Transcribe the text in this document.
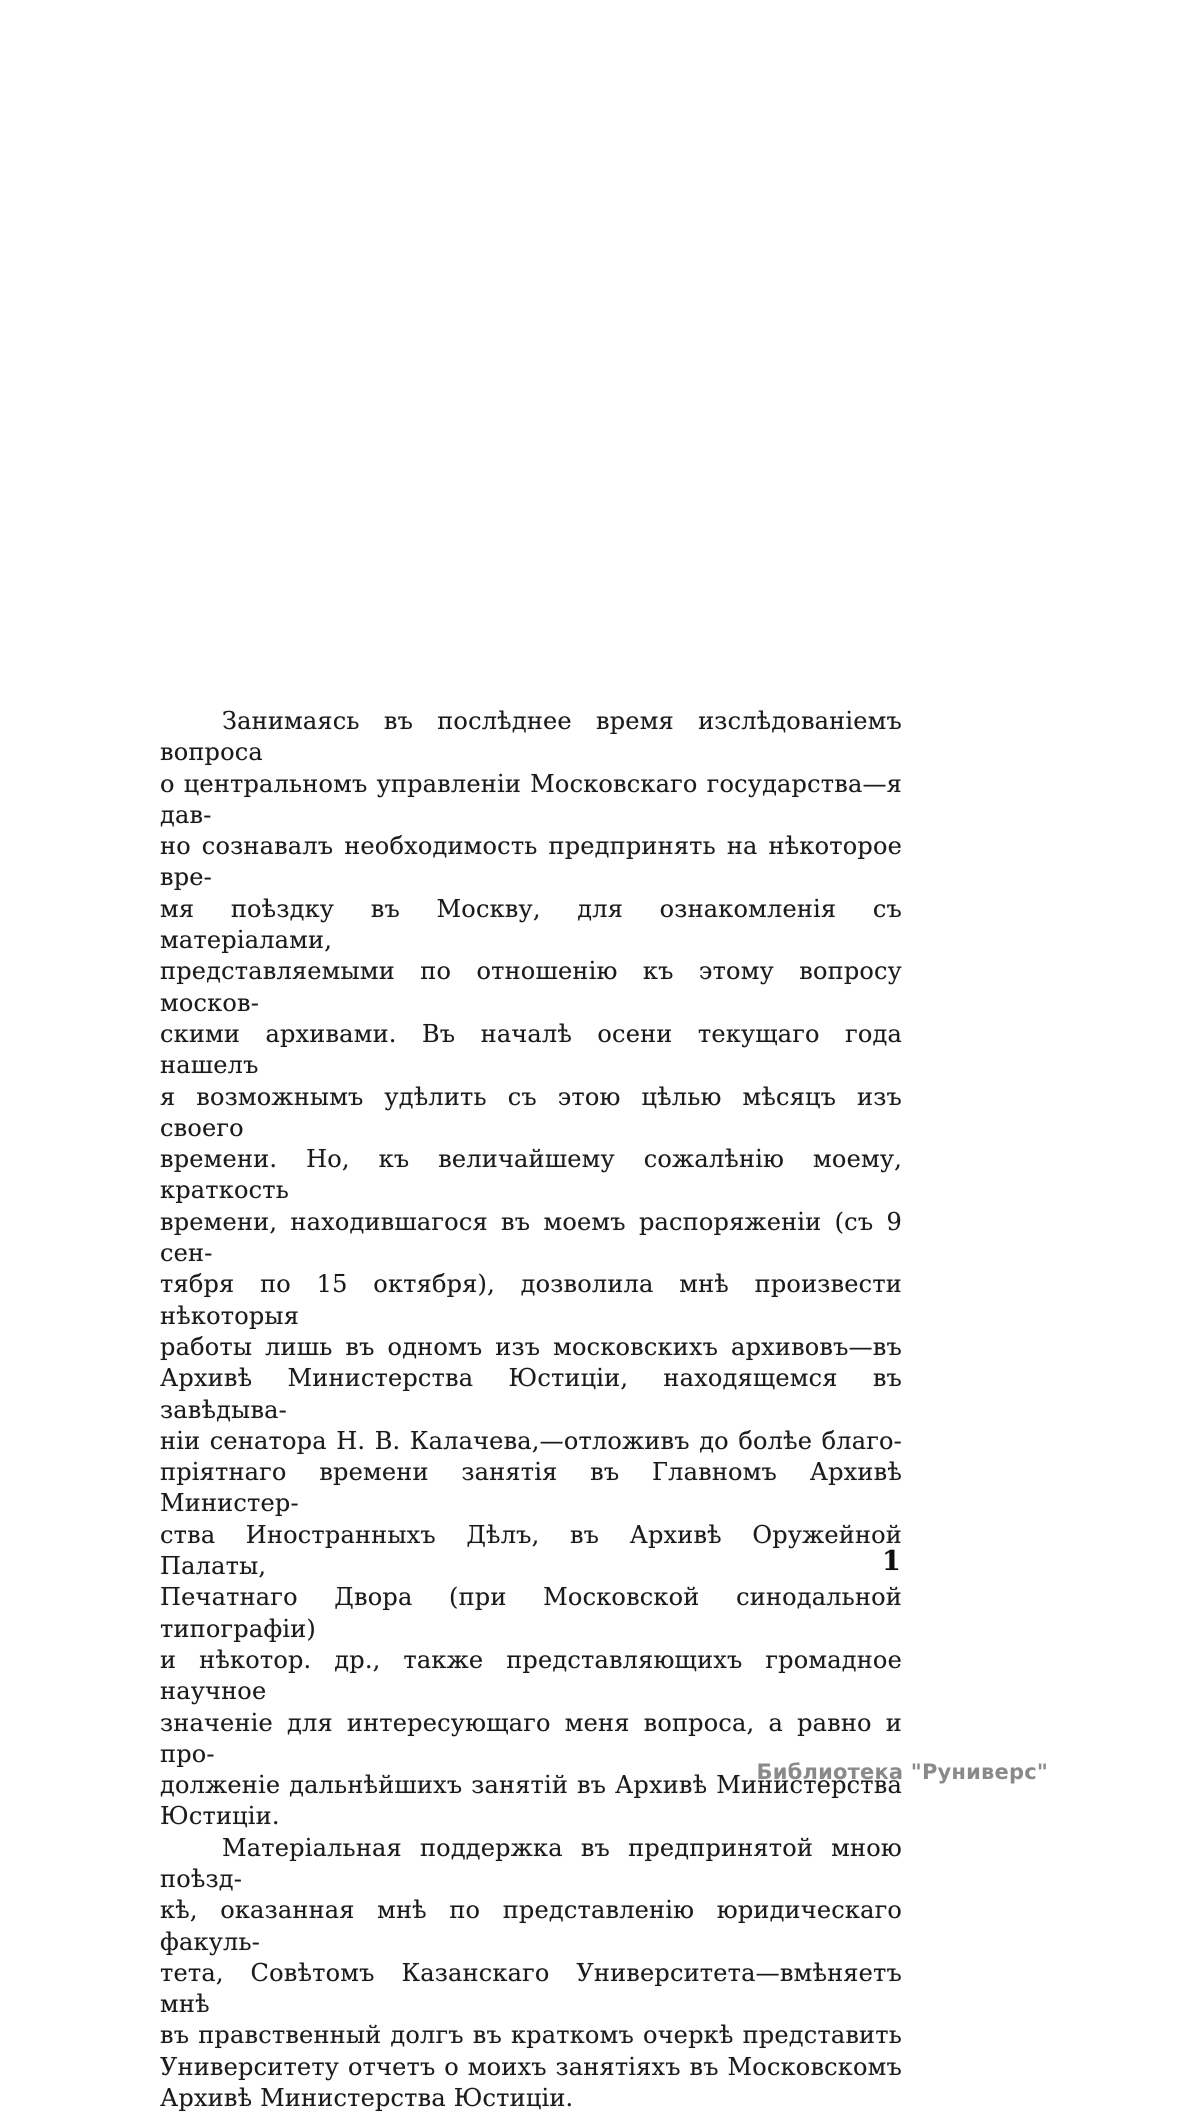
Занимаясь въ послѣднее время изслѣдованіемъ вопроса
о центральномъ управленіи Московскаго государства—я дав-
но сознавалъ необходимость предпринять на нѣкоторое вре-
мя поѣздку въ Москву, для ознакомленія съ матеріалами,
представляемыми по отношенію къ этому вопросу москов-
скими архивами. Въ началѣ осени текущаго года нашелъ
я возможнымъ удѣлить съ этою цѣлью мѣсяцъ изъ своего
времени. Но, къ величайшему сожалѣнію моему, краткость
времени, находившагося въ моемъ распоряженіи (съ 9 сен-
тября по 15 октября), дозволила мнѣ произвести нѣкоторыя
работы лишь въ одномъ изъ московскихъ архивовъ—въ
Архивѣ Министерства Юстиціи, находящемся въ завѣдыва-
ніи сенатора Н. В. Калачева,—отложивъ до болѣе благо-
пріятнаго времени занятія въ Главномъ Архивѣ Министер-
ства Иностранныхъ Дѣлъ, въ Архивѣ Оружейной Палаты,
Печатнаго Двора (при Московской синодальной типографіи)
и нѣкотор. др., также представляющихъ громадное научное
значеніе для интересующаго меня вопроса, а равно и про-
долженіе дальнѣйшихъ занятій въ Архивѣ Министерства
Юстиціи.
Матеріальная поддержка въ предпринятой мною поѣзд-
кѣ, оказанная мнѣ по представленію юридическаго факуль-
тета, Совѣтомъ Казанскаго Университета—вмѣняетъ мнѣ
въ правственный долгъ въ краткомъ очеркѣ представить
Университету отчетъ о моихъ занятіяхъ въ Московскомъ
Архивѣ Министерства Юстиціи.
1
Библиотека "Руниверс"
